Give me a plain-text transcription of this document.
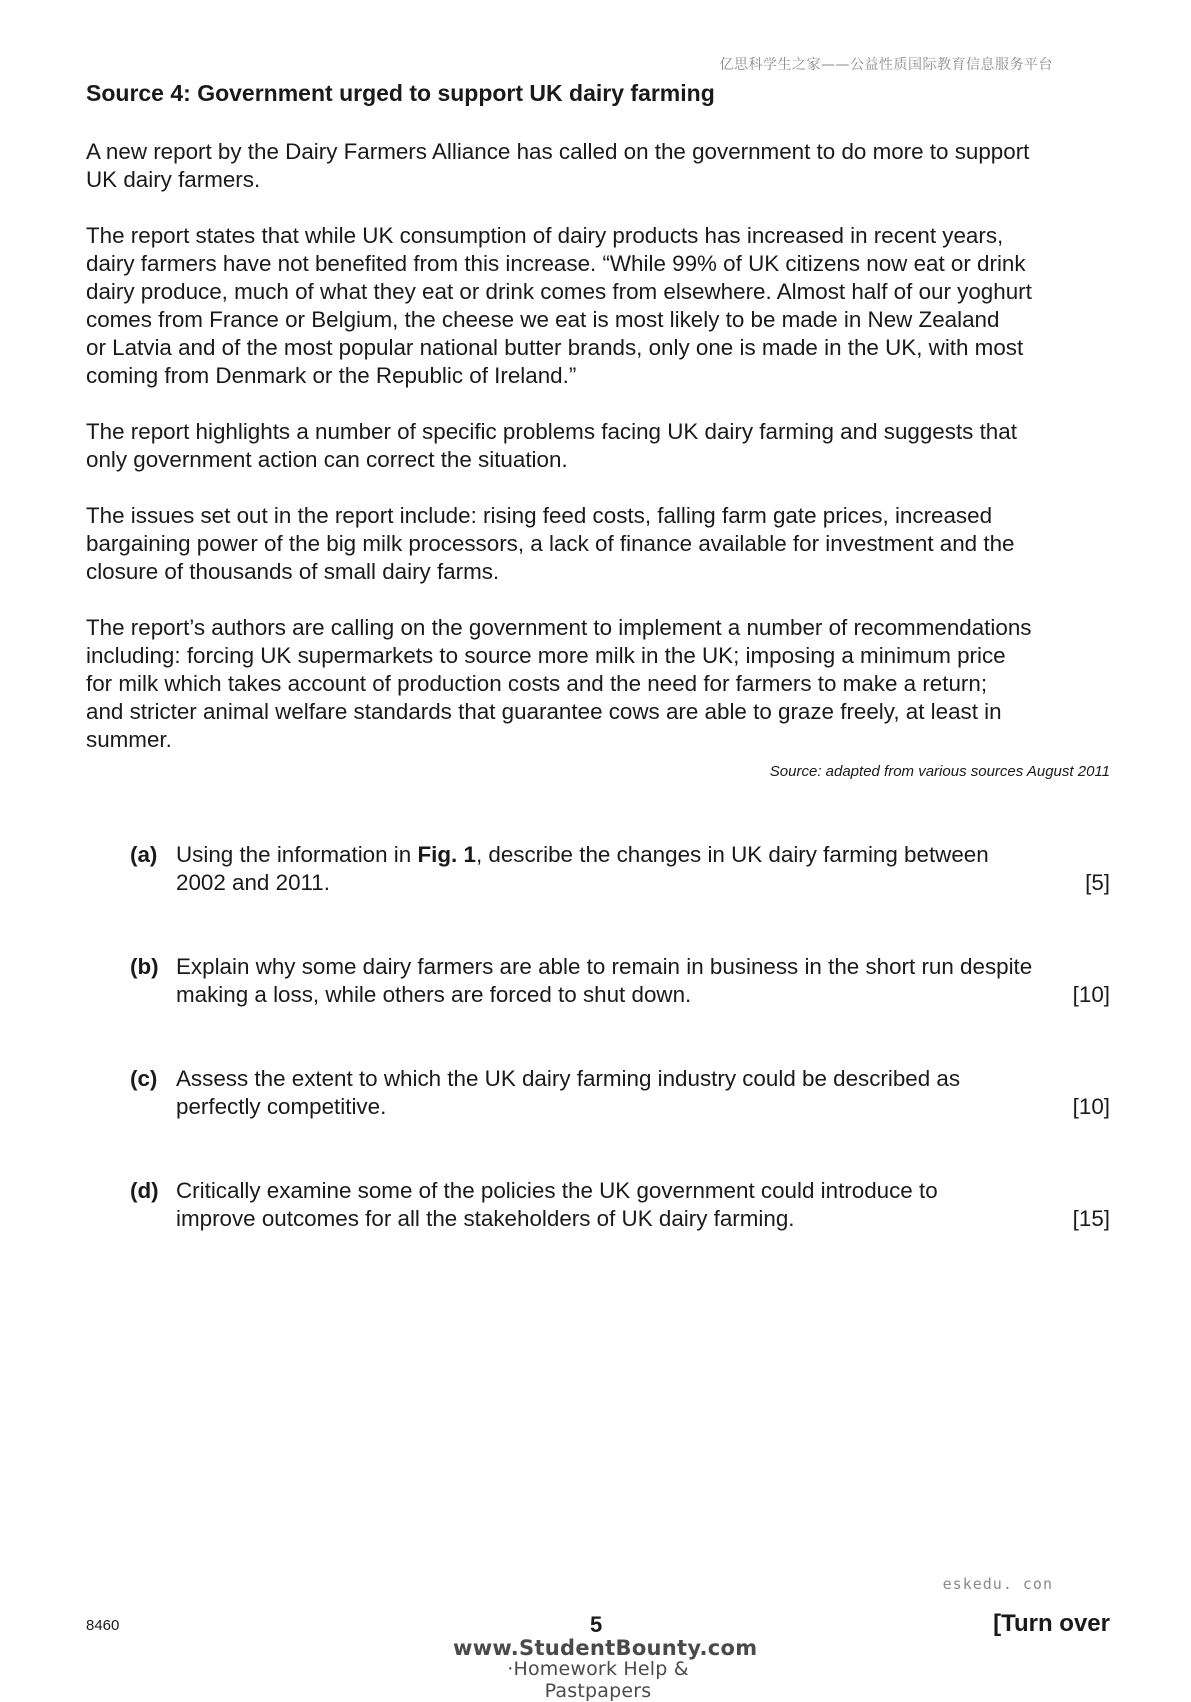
亿思科学生之家——公益性质国际教育信息服务平台
Source 4: Government urged to support UK dairy farming
A new report by the Dairy Farmers Alliance has called on the government to do more to support
UK dairy farmers.
The report states that while UK consumption of dairy products has increased in recent years,
dairy farmers have not benefited from this increase. “While 99% of UK citizens now eat or drink
dairy produce, much of what they eat or drink comes from elsewhere. Almost half of our yoghurt
comes from France or Belgium, the cheese we eat is most likely to be made in New Zealand
or Latvia and of the most popular national butter brands, only one is made in the UK, with most
coming from Denmark or the Republic of Ireland.”
The report highlights a number of specific problems facing UK dairy farming and suggests that
only government action can correct the situation.
The issues set out in the report include: rising feed costs, falling farm gate prices, increased
bargaining power of the big milk processors, a lack of finance available for investment and the
closure of thousands of small dairy farms.
The report’s authors are calling on the government to implement a number of recommendations
including: forcing UK supermarkets to source more milk in the UK; imposing a minimum price
for milk which takes account of production costs and the need for farmers to make a return;
and stricter animal welfare standards that guarantee cows are able to graze freely, at least in
summer.
Source: adapted from various sources August 2011
(a) Using the information in Fig. 1, describe the changes in UK dairy farming between
2002 and 2011.	[5]
(b) Explain why some dairy farmers are able to remain in business in the short run despite
making a loss, while others are forced to shut down.	[10]
(c) Assess the extent to which the UK dairy farming industry could be described as
perfectly competitive.	[10]
(d) Critically examine some of the policies the UK government could introduce to
improve outcomes for all the stakeholders of UK dairy farming.	[15]
eskedu. con
8460	5	[Turn over
www.StudentBounty.com
·Homework Help & Pastpapers
